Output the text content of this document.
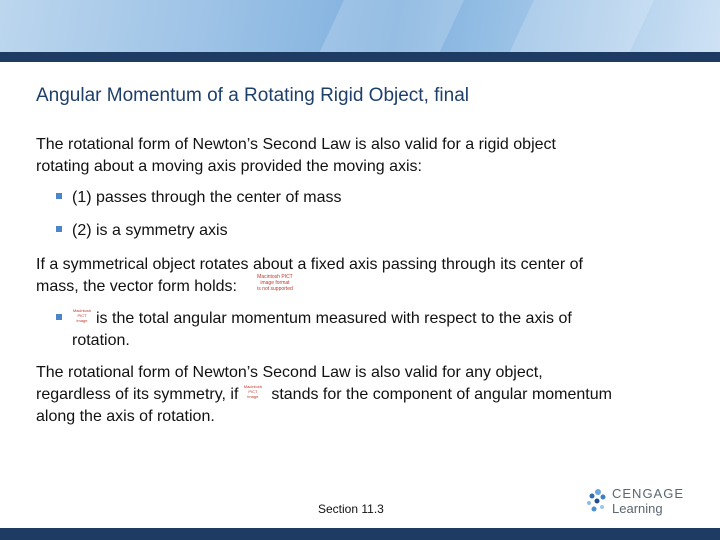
Angular Momentum of a Rotating Rigid Object, final
The rotational form of Newton’s Second Law is also valid for a rigid object
rotating about a moving axis provided the moving axis:
(1) passes through the center of mass
(2) is a symmetry axis
If a symmetrical object rotates about a fixed axis passing through its center of
mass, the vector form holds:Macintosh PICT
image format
is not supported
Macintosh
PICT
image is the total angular momentum measured with respect to the axis of
rotation.
The rotational form of Newton’s Second Law is also valid for any object,
regardless of its symmetry, if Macintosh
PICT
image stands for the component of angular momentum
along the axis of rotation.
Section 11.3
CENGAGE
Learning
